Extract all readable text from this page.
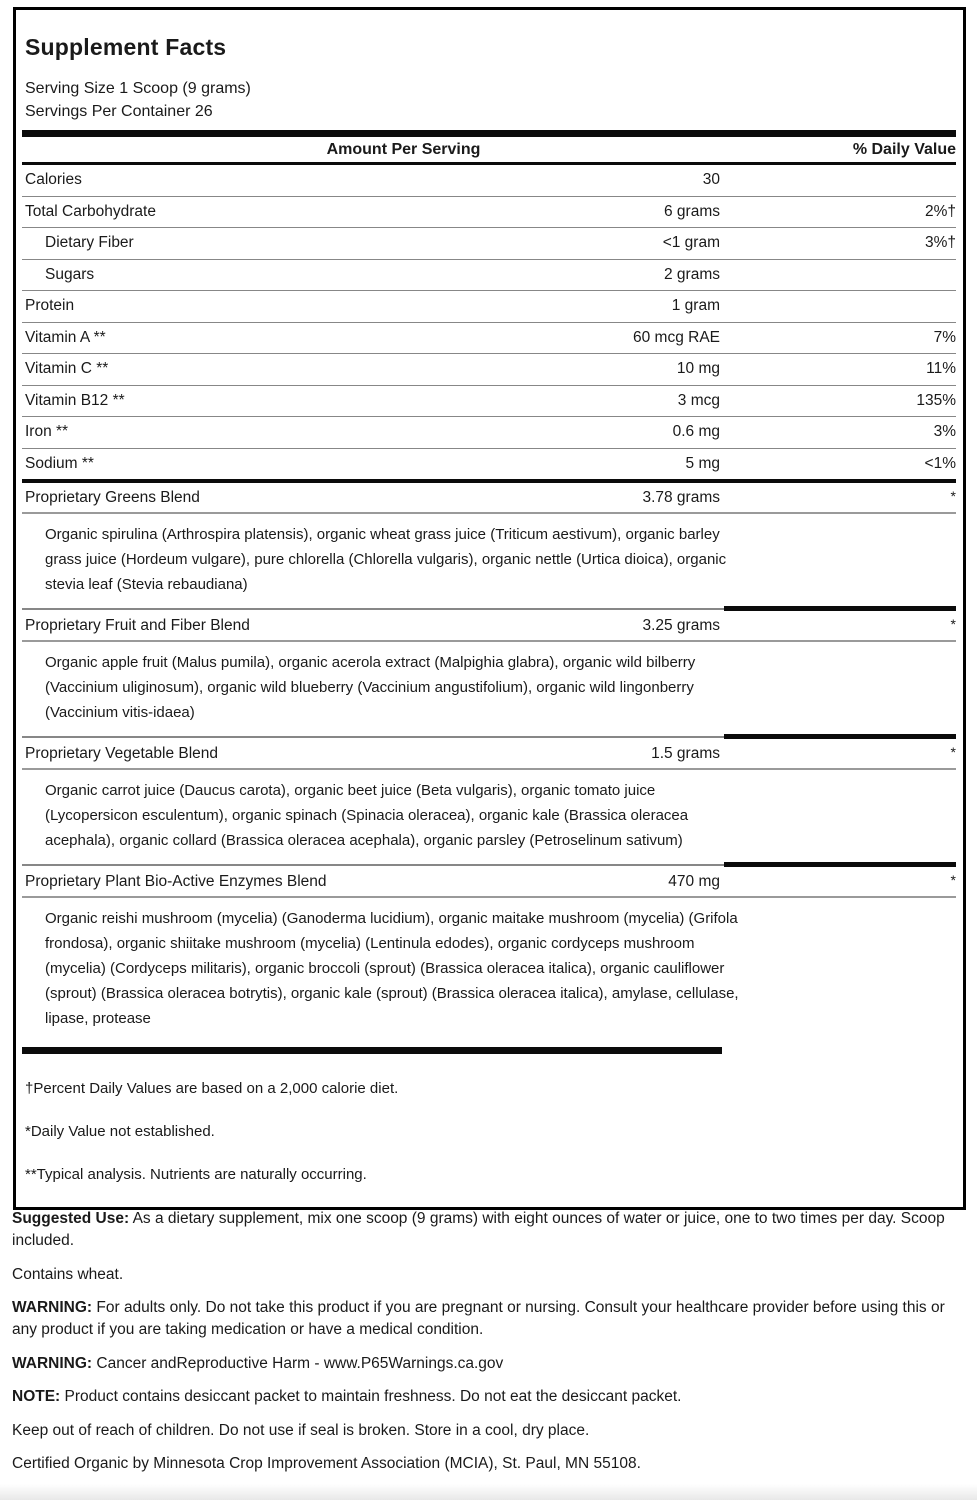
Supplement Facts
Serving Size 1 Scoop (9 grams)
Servings Per Container 26
Amount Per Serving	% Daily Value
Calories	30
Total Carbohydrate	6 grams	2%†
Dietary Fiber	<1 gram	3%†
Sugars	2 grams
Protein	1 gram
Vitamin A **	60 mcg RAE	7%
Vitamin C **	10 mg	11%
Vitamin B12 **	3 mcg	135%
Iron **	0.6 mg	3%
Sodium **	5 mg	<1%
Proprietary Greens Blend	3.78 grams	*
Organic spirulina (Arthrospira platensis), organic wheat grass juice (Triticum aestivum), organic barley grass juice (Hordeum vulgare), pure chlorella (Chlorella vulgaris), organic nettle (Urtica dioica), organic stevia leaf (Stevia rebaudiana)
Proprietary Fruit and Fiber Blend	3.25 grams	*
Organic apple fruit (Malus pumila), organic acerola extract (Malpighia glabra), organic wild bilberry (Vaccinium uliginosum), organic wild blueberry (Vaccinium angustifolium), organic wild lingonberry (Vaccinium vitis-idaea)
Proprietary Vegetable Blend	1.5 grams	*
Organic carrot juice (Daucus carota), organic beet juice (Beta vulgaris), organic tomato juice (Lycopersicon esculentum), organic spinach (Spinacia oleracea), organic kale (Brassica oleracea acephala), organic collard (Brassica oleracea acephala), organic parsley (Petroselinum sativum)
Proprietary Plant Bio-Active Enzymes Blend	470 mg	*
Organic reishi mushroom (mycelia) (Ganoderma lucidium), organic maitake mushroom (mycelia) (Grifola frondosa), organic shiitake mushroom (mycelia) (Lentinula edodes), organic cordyceps mushroom (mycelia) (Cordyceps militaris), organic broccoli (sprout) (Brassica oleracea italica), organic cauliflower (sprout) (Brassica oleracea botrytis), organic kale (sprout) (Brassica oleracea italica), amylase, cellulase, lipase, protease

†Percent Daily Values are based on a 2,000 calorie diet.

*Daily Value not established.

**Typical analysis. Nutrients are naturally occurring.

Suggested Use: As a dietary supplement, mix one scoop (9 grams) with eight ounces of water or juice, one to two times per day. Scoop included.

Contains wheat.

WARNING: For adults only. Do not take this product if you are pregnant or nursing. Consult your healthcare provider before using this or any product if you are taking medication or have a medical condition.

WARNING: Cancer andReproductive Harm - www.P65Warnings.ca.gov

NOTE: Product contains desiccant packet to maintain freshness. Do not eat the desiccant packet.

Keep out of reach of children. Do not use if seal is broken. Store in a cool, dry place.

Certified Organic by Minnesota Crop Improvement Association (MCIA), St. Paul, MN 55108.
